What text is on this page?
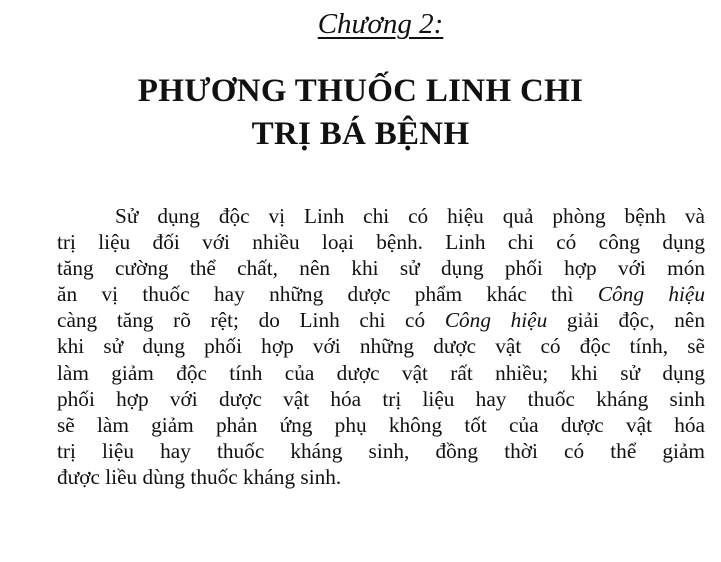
Chương 2:
PHƯƠNG THUỐC LINH CHI
TRỊ BÁ BỆNH
Sử dụng độc vị Linh chi có hiệu quả phòng bệnh và
trị liệu đối với nhiều loại bệnh. Linh chi có công dụng
tăng cường thể chất, nên khi sử dụng phối hợp với món
ăn vị thuốc hay những dược phẩm khác thì Công hiệu
càng tăng rõ rệt; do Linh chi có Công hiệu giải độc, nên
khi sử dụng phối hợp với những dược vật có độc tính, sẽ
làm giảm độc tính của dược vật rất nhiều; khi sử dụng
phối hợp với dược vật hóa trị liệu hay thuốc kháng sinh
sẽ làm giảm phản ứng phụ không tốt của dược vật hóa
trị liệu hay thuốc kháng sinh, đồng thời có thể giảm
được liều dùng thuốc kháng sinh.
